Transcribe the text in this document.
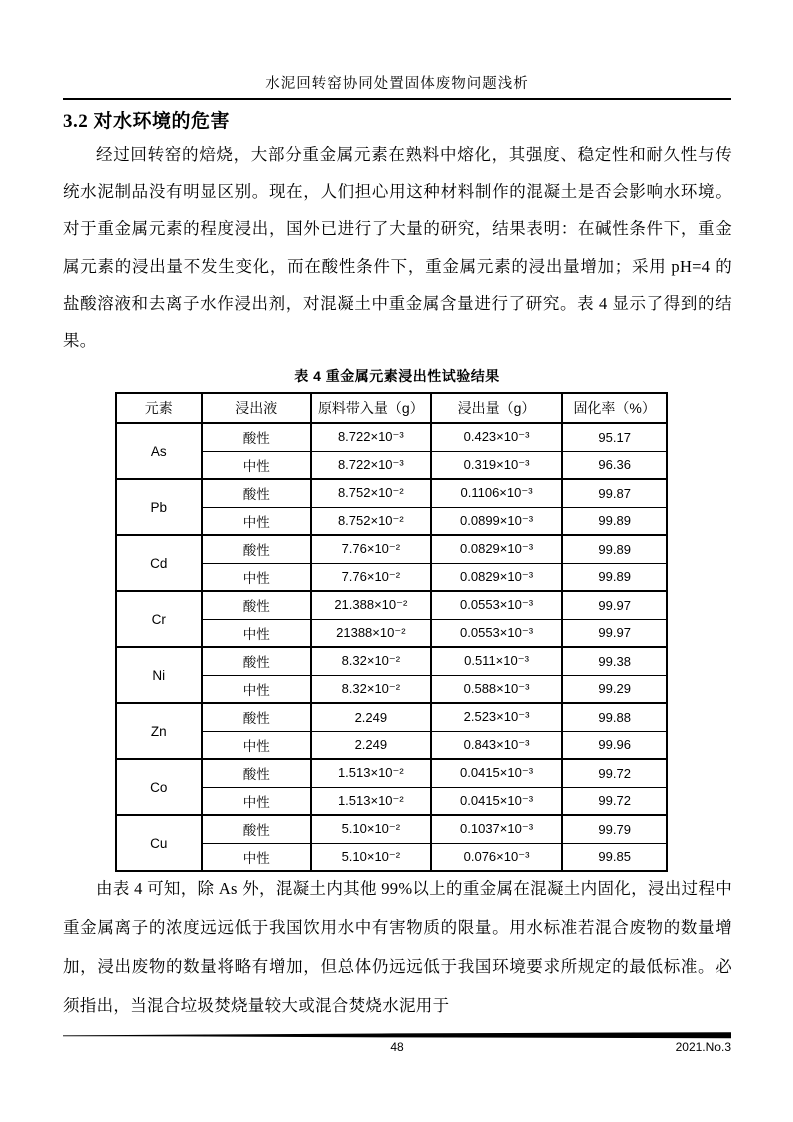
水泥回转窑协同处置固体废物问题浅析
3.2 对水环境的危害

经过回转窑的焙烧，大部分重金属元素在熟料中熔化，其强度、稳定性和耐久性与传统水泥制品没有明显区别。现在，人们担心用这种材料制作的混凝土是否会影响水环境。对于重金属元素的程度浸出，国外已进行了大量的研究，结果表明：在碱性条件下，重金属元素的浸出量不发生变化，而在酸性条件下，重金属元素的浸出量增加；采用 pH=4 的盐酸溶液和去离子水作浸出剂，对混凝土中重金属含量进行了研究。表 4 显示了得到的结果。

表 4 重金属元素浸出性试验结果
元素	浸出液	原料带入量（g）	浸出量（g）	固化率（%）
As	酸性	8.722×10⁻³	0.423×10⁻³	95.17
	中性	8.722×10⁻³	0.319×10⁻³	96.36
Pb	酸性	8.752×10⁻²	0.1106×10⁻³	99.87
	中性	8.752×10⁻²	0.0899×10⁻³	99.89
Cd	酸性	7.76×10⁻²	0.0829×10⁻³	99.89
	中性	7.76×10⁻²	0.0829×10⁻³	99.89
Cr	酸性	21.388×10⁻²	0.0553×10⁻³	99.97
	中性	21388×10⁻²	0.0553×10⁻³	99.97
Ni	酸性	8.32×10⁻²	0.511×10⁻³	99.38
	中性	8.32×10⁻²	0.588×10⁻³	99.29
Zn	酸性	2.249	2.523×10⁻³	99.88
	中性	2.249	0.843×10⁻³	99.96
Co	酸性	1.513×10⁻²	0.0415×10⁻³	99.72
	中性	1.513×10⁻²	0.0415×10⁻³	99.72
Cu	酸性	5.10×10⁻²	0.1037×10⁻³	99.79
	中性	5.10×10⁻²	0.076×10⁻³	99.85

由表 4 可知，除 As 外，混凝土内其他 99%以上的重金属在混凝土内固化，浸出过程中重金属离子的浓度远远低于我国饮用水中有害物质的限量。用水标准若混合废物的数量增加，浸出废物的数量将略有增加，但总体仍远远低于我国环境要求所规定的最低标准。必须指出，当混合垃圾焚烧量较大或混合焚烧水泥用于

48	2021.No.3
